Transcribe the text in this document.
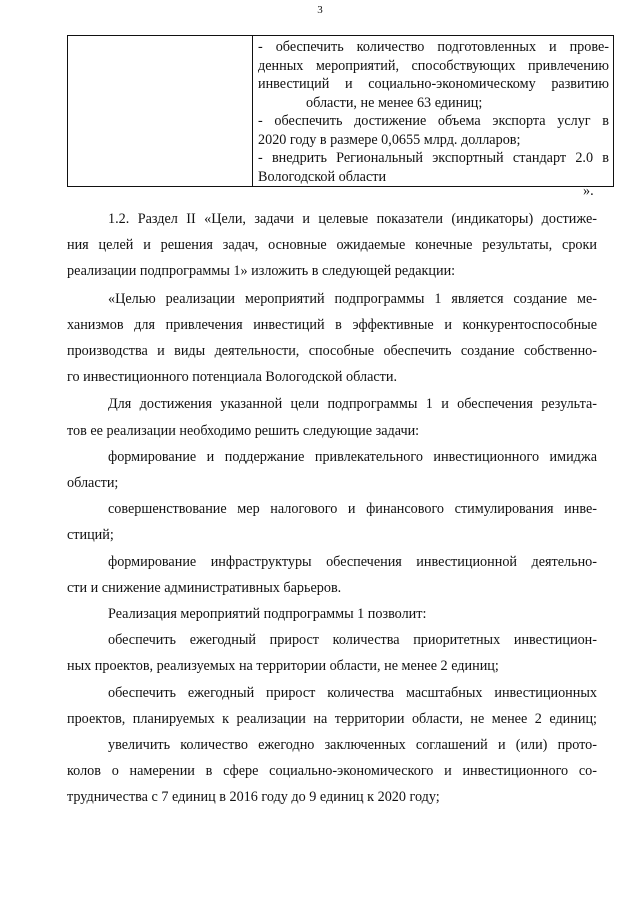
3

- обеспечить количество подготовленных и прове-
денных мероприятий, способствующих привлечению
инвестиций и социально-экономическому развитию
области, не менее 63 единиц;
- обеспечить достижение объема экспорта услуг в
2020 году в размере 0,0655 млрд. долларов;
- внедрить Региональный экспортный стандарт 2.0 в
Вологодской области
».
1.2. Раздел II «Цели, задачи и целевые показатели (индикаторы) достиже-
ния целей и решения задач, основные ожидаемые конечные результаты, сроки
реализации подпрограммы 1» изложить в следующей редакции:
«Целью реализации мероприятий подпрограммы 1 является создание ме-
ханизмов для привлечения инвестиций в эффективные и конкурентоспособные
производства и виды деятельности, способные обеспечить создание собственно-
го инвестиционного потенциала Вологодской области.
Для достижения указанной цели подпрограммы 1 и обеспечения результа-
тов ее реализации необходимо решить следующие задачи:
формирование и поддержание привлекательного инвестиционного имиджа
области;
совершенствование мер налогового и финансового стимулирования инве-
стиций;
формирование инфраструктуры обеспечения инвестиционной деятельно-
сти и снижение административных барьеров.
Реализация мероприятий подпрограммы 1 позволит:
обеспечить ежегодный прирост количества приоритетных инвестицион-
ных проектов, реализуемых на территории области, не менее 2 единиц;
обеспечить ежегодный прирост количества масштабных инвестиционных
проектов, планируемых к реализации на территории области, не менее 2 единиц;
увеличить количество ежегодно заключенных соглашений и (или) прото-
колов о намерении в сфере социально-экономического и инвестиционного со-
трудничества с 7 единиц в 2016 году до 9 единиц к 2020 году;
